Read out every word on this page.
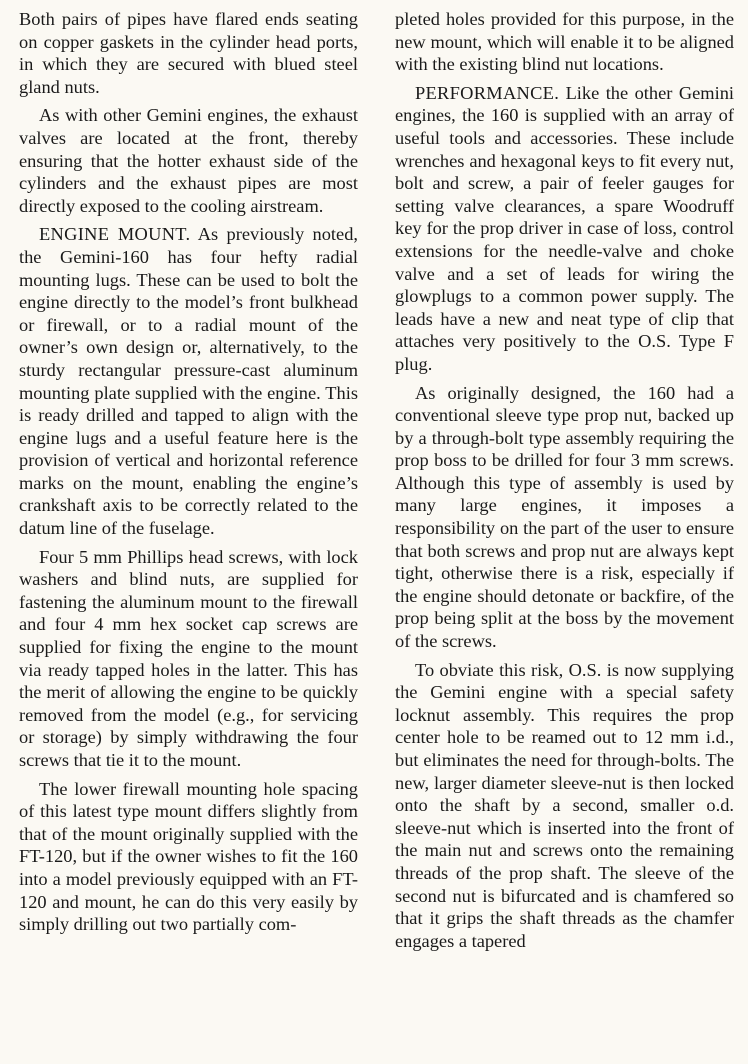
Both pairs of pipes have flared ends seating on copper gaskets in the cylinder head ports, in which they are secured with blued steel gland nuts.

As with other Gemini engines, the exhaust valves are located at the front, thereby ensuring that the hotter exhaust side of the cylinders and the exhaust pipes are most directly exposed to the cooling airstream.

ENGINE MOUNT. As previously noted, the Gemini-160 has four hefty radial mounting lugs. These can be used to bolt the engine directly to the model’s front bulkhead or firewall, or to a radial mount of the owner’s own design or, alternatively, to the sturdy rectangular pressure-cast aluminum mounting plate supplied with the engine. This is ready drilled and tapped to align with the engine lugs and a useful feature here is the provision of vertical and horizontal reference marks on the mount, enabling the engine’s crankshaft axis to be correctly related to the datum line of the fuselage.

Four 5 mm Phillips head screws, with lock washers and blind nuts, are supplied for fastening the aluminum mount to the firewall and four 4 mm hex socket cap screws are supplied for fixing the engine to the mount via ready tapped holes in the latter. This has the merit of allowing the engine to be quickly removed from the model (e.g., for servicing or storage) by simply withdrawing the four screws that tie it to the mount.

The lower firewall mounting hole spacing of this latest type mount differs slightly from that of the mount originally supplied with the FT-120, but if the owner wishes to fit the 160 into a model previously equipped with an FT-120 and mount, he can do this very easily by simply drilling out two partially com-

pleted holes provided for this purpose, in the new mount, which will enable it to be aligned with the existing blind nut locations.

PERFORMANCE. Like the other Gemini engines, the 160 is supplied with an array of useful tools and accessories. These include wrenches and hexagonal keys to fit every nut, bolt and screw, a pair of feeler gauges for setting valve clearances, a spare Woodruff key for the prop driver in case of loss, control extensions for the needle-valve and choke valve and a set of leads for wiring the glowplugs to a common power supply. The leads have a new and neat type of clip that attaches very positively to the O.S. Type F plug.

As originally designed, the 160 had a conventional sleeve type prop nut, backed up by a through-bolt type assembly requiring the prop boss to be drilled for four 3 mm screws. Although this type of assembly is used by many large engines, it imposes a responsibility on the part of the user to ensure that both screws and prop nut are always kept tight, otherwise there is a risk, especially if the engine should detonate or backfire, of the prop being split at the boss by the movement of the screws.

To obviate this risk, O.S. is now supplying the Gemini engine with a special safety locknut assembly. This requires the prop center hole to be reamed out to 12 mm i.d., but eliminates the need for through-bolts. The new, larger diameter sleeve-nut is then locked onto the shaft by a second, smaller o.d. sleeve-nut which is inserted into the front of the main nut and screws onto the remaining threads of the prop shaft. The sleeve of the second nut is bifurcated and is chamfered so that it grips the shaft threads as the chamfer engages a tapered
